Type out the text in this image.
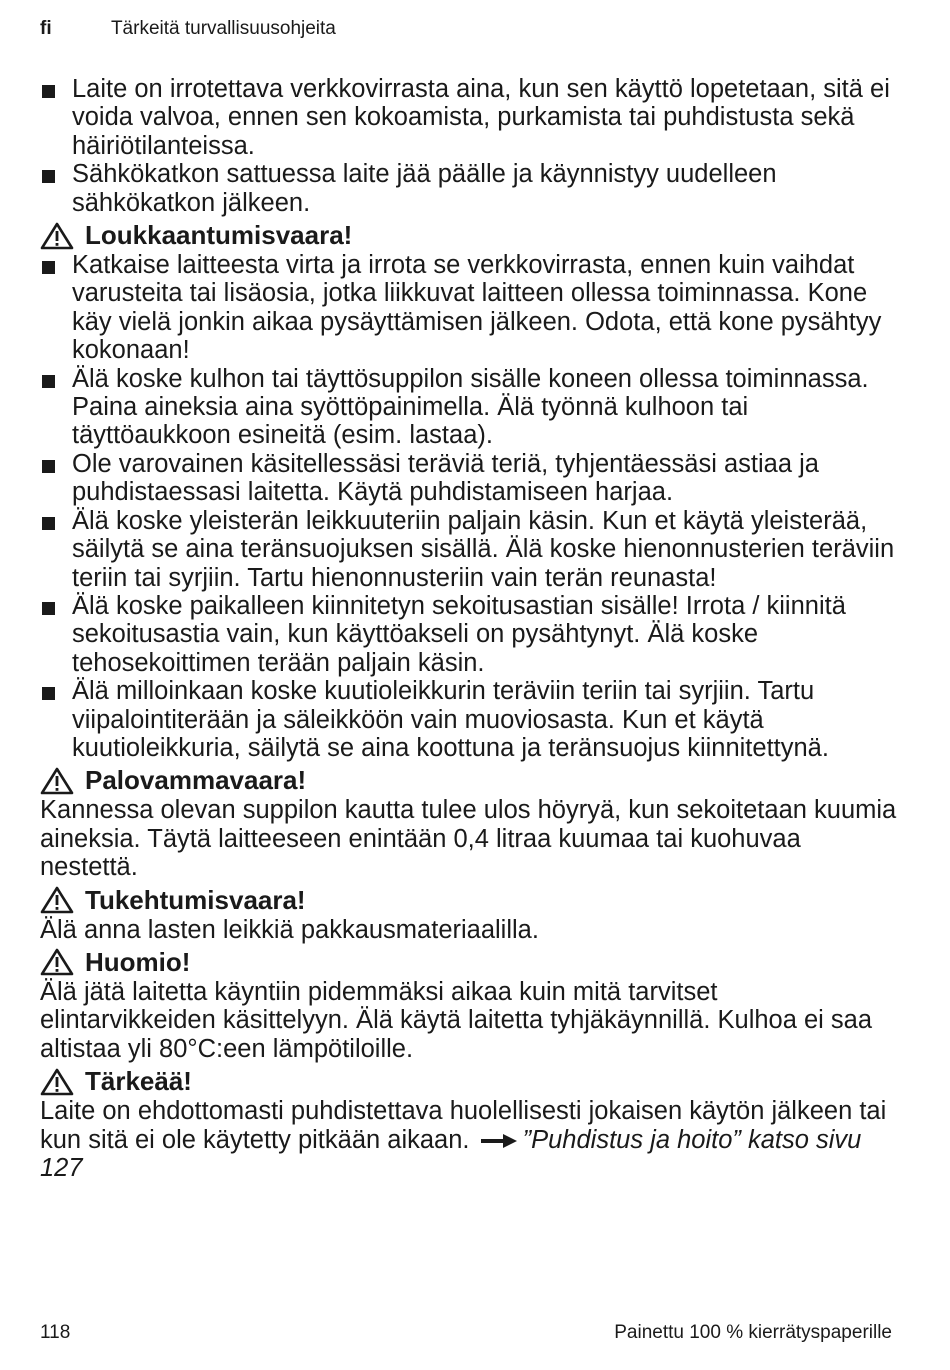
fi	Tärkeitä turvallisuusohjeita
Laite on irrotettava verkkovirrasta aina, kun sen käyttö lopetetaan, sitä ei voida valvoa, ennen sen kokoamista, purkamista tai puhdistusta sekä häiriötilanteissa.
Sähkökatkon sattuessa laite jää päälle ja käynnistyy uudelleen sähkökatkon jälkeen.
Loukkaantumisvaara!
Katkaise laitteesta virta ja irrota se verkkovirrasta, ennen kuin vaihdat varusteita tai lisäosia, jotka liikkuvat laitteen ollessa toiminnassa. Kone käy vielä jonkin aikaa pysäyttämisen jälkeen. Odota, että kone pysähtyy kokonaan!
Älä koske kulhon tai täyttösuppilon sisälle koneen ollessa toiminnassa. Paina aineksia aina syöttöpainimella. Älä työnnä kulhoon tai täyttöaukkoon esineitä (esim. lastaa).
Ole varovainen käsitellessäsi teräviä teriä, tyhjentäessäsi astiaa ja puhdistaessasi laitetta. Käytä puhdistamiseen harjaa.
Älä koske yleisterän leikkuuteriin paljain käsin. Kun et käytä yleisterää, säilytä se aina teränsuojuksen sisällä. Älä koske hienonnusterien teräviin teriin tai syrjiin. Tartu hienonnusteriin vain terän reunasta!
Älä koske paikalleen kiinnitetyn sekoitusastian sisälle! Irrota / kiinnitä sekoitusastia vain, kun käyttöakseli on pysähtynyt. Älä koske tehosekoittimen terään paljain käsin.
Älä milloinkaan koske kuutioleikkurin teräviin teriin tai syrjiin. Tartu viipalointiterään ja säleikköön vain muoviosasta. Kun et käytä kuutioleikkuria, säilytä se aina koottuna ja teränsuojus kiinnitettynä.
Palovammavaara!
Kannessa olevan suppilon kautta tulee ulos höyryä, kun sekoitetaan kuumia aineksia. Täytä laitteeseen enintään 0,4 litraa kuumaa tai kuohuvaa nestettä.
Tukehtumisvaara!
Älä anna lasten leikkiä pakkausmateriaalilla.
Huomio!
Älä jätä laitetta käyntiin pidemmäksi aikaa kuin mitä tarvitset elintarvikkeiden käsittelyyn. Älä käytä laitetta tyhjäkäynnillä. Kulhoa ei saa altistaa yli 80°C:een lämpötiloille.
Tärkeää!
Laite on ehdottomasti puhdistettava huolellisesti jokaisen käytön jälkeen tai kun sitä ei ole käytetty pitkään aikaan. ”Puhdistus ja hoito” katso sivu 127
118	Painettu 100 % kierrätyspaperille
